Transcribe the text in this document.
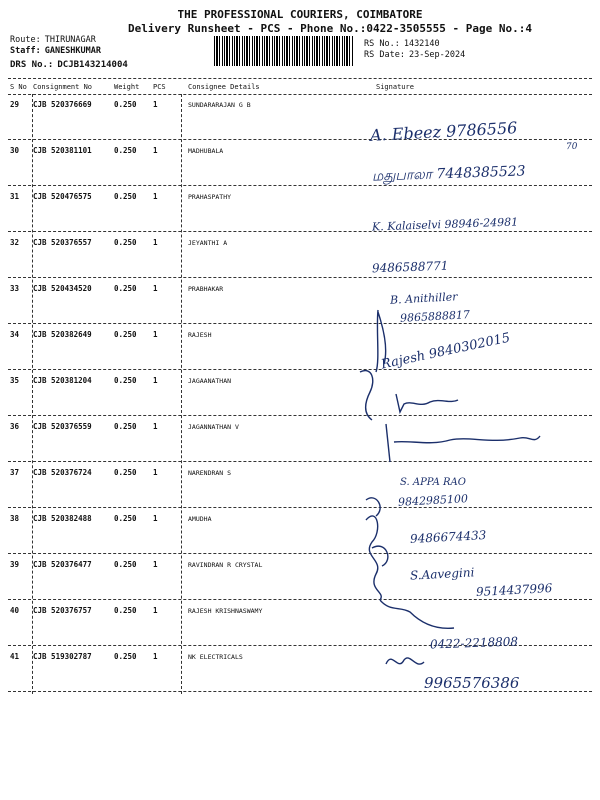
THE PROFESSIONAL COURIERS, COIMBATORE
Delivery Runsheet - PCS - Phone No.:0422-3505555 - Page No.:4
Route: THIRUNAGAR
Staff: GANESHKUMAR
DRS No.: DCJB143214004
RS No.: 1432140
RS Date: 23-Sep-2024
S No Consignment No	Weight PCS	Consignee Details	Signature
29 CJB 520376669	0.250 1	SUNDARARAJAN G B
A. Ebeez 9786556
70
30 CJB 520381101	0.250 1	MADHUBALA
மதுபாலா 7448385523
31 CJB 520476575	0.250 1	PRAHASPATHY
K. Kalaiselvi 98946-24981
32 CJB 520376557	0.250 1	JEYANTHI A
9486588771
33 CJB 520434520	0.250 1	PRABHAKAR
B. Anithiller
9865888817
34 CJB 520382649	0.250 1	RAJESH	Rajesh 9840302015
35 CJB 520381204	0.250 1	JAGAANATHAN
36 CJB 520376559	0.250 1	JAGANNATHAN V
37 CJB 520376724	0.250 1	NARENDRAN S
S. APPA RAO
9842985100
38 CJB 520382488	0.250 1	AMUDHA
9486674433
39 CJB 520376477	0.250 1	RAVINDRAN R CRYSTAL
S.Aavegini
9514437996
40 CJB 520376757	0.250 1	RAJESH KRISHNASWAMY
0422-2218808
41 CJB 519302787	0.250 1	NK ELECTRICALS
9965576386
